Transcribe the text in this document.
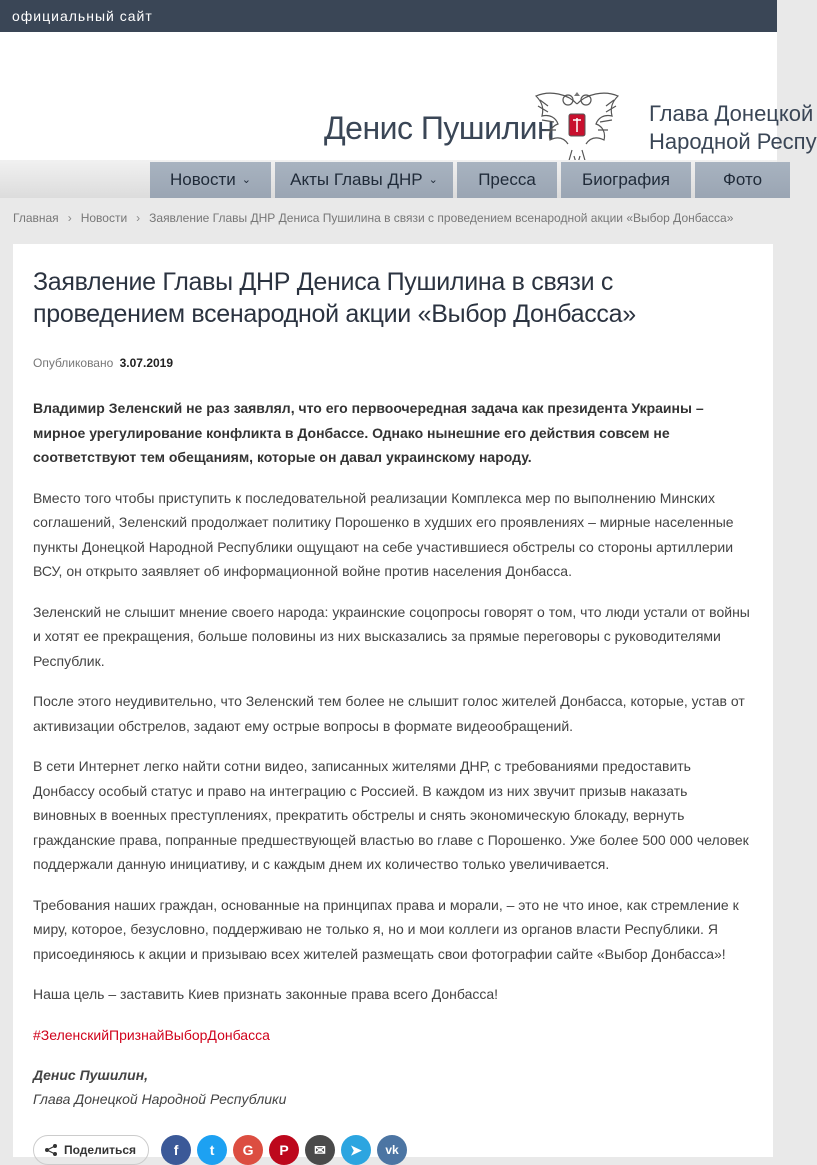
официальный сайт
Денис Пушилин	Глава Донецкой
Народной Респу
Новости ⌄	Акты Главы ДНР ⌄	Пресса	Биография	Фото
Главная › Новости › Заявление Главы ДНР Дениса Пушилина в связи с проведением всенародной акции «Выбор Донбасса»
Заявление Главы ДНР Дениса Пушилина в связи с проведением всенародной акции «Выбор Донбасса»
Опубликовано 3.07.2019
Владимир Зеленский не раз заявлял, что его первоочередная задача как президента Украины – мирное урегулирование конфликта в Донбассе. Однако нынешние его действия совсем не соответствуют тем обещаниям, которые он давал украинскому народу.
Вместо того чтобы приступить к последовательной реализации Комплекса мер по выполнению Минских соглашений, Зеленский продолжает политику Порошенко в худших его проявлениях – мирные населенные пункты Донецкой Народной Республики ощущают на себе участившиеся обстрелы со стороны артиллерии ВСУ, он открыто заявляет об информационной войне против населения Донбасса.
Зеленский не слышит мнение своего народа: украинские соцопросы говорят о том, что люди устали от войны и хотят ее прекращения, больше половины из них высказались за прямые переговоры с руководителями Республик.
После этого неудивительно, что Зеленский тем более не слышит голос жителей Донбасса, которые, устав от активизации обстрелов, задают ему острые вопросы в формате видеообращений.
В сети Интернет легко найти сотни видео, записанных жителями ДНР, с требованиями предоставить Донбассу особый статус и право на интеграцию с Россией. В каждом из них звучит призыв наказать виновных в военных преступлениях, прекратить обстрелы и снять экономическую блокаду, вернуть гражданские права, попранные предшествующей властью во главе с Порошенко. Уже более 500 000 человек поддержали данную инициативу, и с каждым днем их количество только увеличивается.
Требования наших граждан, основанные на принципах права и морали, – это не что иное, как стремление к миру, которое, безусловно, поддерживаю не только я, но и мои коллеги из органов власти Республики. Я присоединяюсь к акции и призываю всех жителей размещать свои фотографии сайте «Выбор Донбасса»!
Наша цель – заставить Киев признать законные права всего Донбасса!
#ЗеленскийПризнайВыборДонбасса
Денис Пушилин,
Глава Донецкой Народной Республики
Поделиться	f t G P ✉ ➤ vk
